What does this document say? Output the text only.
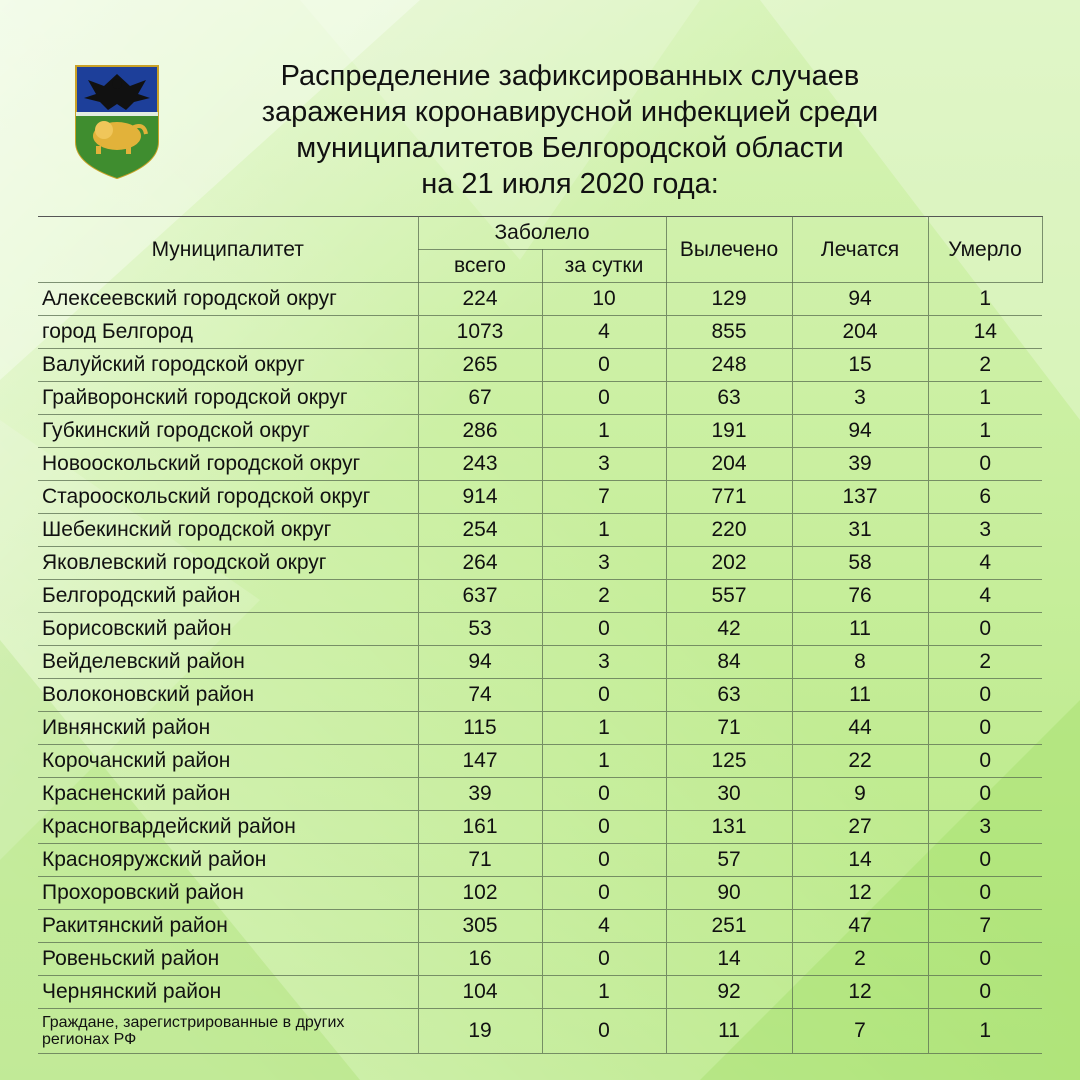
Распределение зафиксированных случаев
заражения коронавирусной инфекцией среди
муниципалитетов Белгородской области
на 21 июля 2020 года:
Муниципалитет	Заболело		Вылечено	Лечатся	Умерло
	всего	за сутки			
Алексеевский городской округ	224	10	129	94	1
город Белгород	1073	4	855	204	14
Валуйский городской округ	265	0	248	15	2
Грайворонский городской округ	67	0	63	3	1
Губкинский городской округ	286	1	191	94	1
Новооскольский городской округ	243	3	204	39	0
Старооскольский городской округ	914	7	771	137	6
Шебекинский городской округ	254	1	220	31	3
Яковлевский городской округ	264	3	202	58	4
Белгородский район	637	2	557	76	4
Борисовский район	53	0	42	11	0
Вейделевский район	94	3	84	8	2
Волоконовский район	74	0	63	11	0
Ивнянский район	115	1	71	44	0
Корочанский район	147	1	125	22	0
Красненский район	39	0	30	9	0
Красногвардейский район	161	0	131	27	3
Краснояружский район	71	0	57	14	0
Прохоровский район	102	0	90	12	0
Ракитянский район	305	4	251	47	7
Ровеньский район	16	0	14	2	0
Чернянский район	104	1	92	12	0
Граждане, зарегистрированные в других регионах РФ	19	0	11	7	1
